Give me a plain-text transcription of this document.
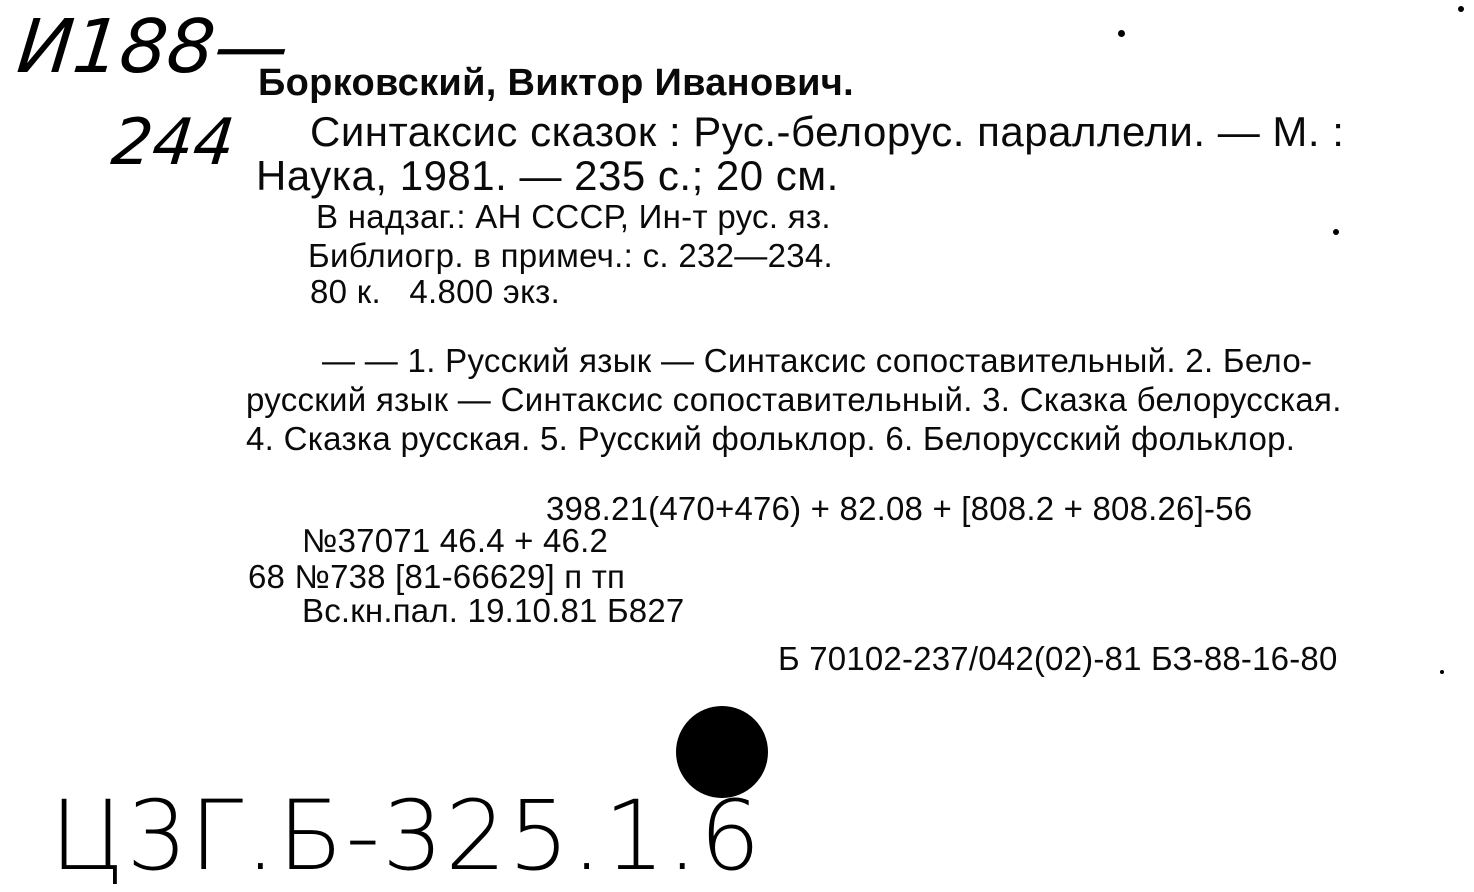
И188—
244
Борковский, Виктор Иванович.
Синтаксис сказок : Рус.-белорус. параллели. — М. :
Наука, 1981. — 235 с.; 20 см.
В надзаг.: АН СССР, Ин-т рус. яз.
Библиогр. в примеч.: с. 232—234.
80 к.   4.800 экз.
— — 1. Русский язык — Синтаксис сопоставительный. 2. Бело-
русский язык — Синтаксис сопоставительный. 3. Сказка белорусская.
4. Сказка русская. 5. Русский фольклор. 6. Белорусский фольклор.
398.21(470+476) + 82.08 + [808.2 + 808.26]-56
№37071 46.4 + 46.2
68 №738 [81-66629] п тп
Вс.кн.пал. 19.10.81 Б827
Б 70102-237/042(02)-81 БЗ-88-16-80
Ц3Г.Б-325.1.6
